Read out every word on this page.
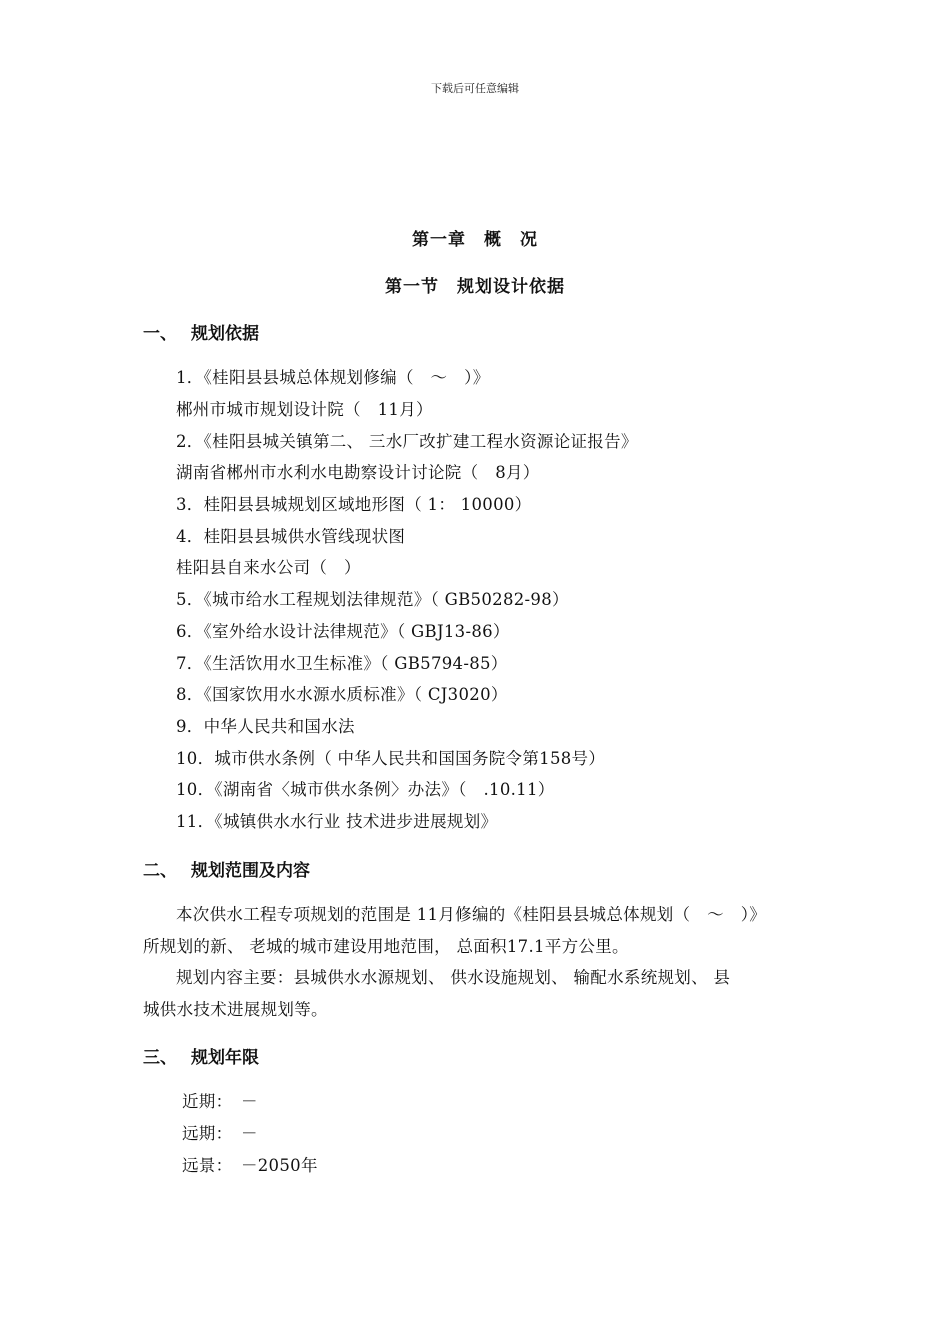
下载后可任意编辑
第一章　概　况
第一节　规划设计依据
一、 规划依据
1．《桂阳县县城总体规划修编（　～　）》
郴州市城市规划设计院（　11月）
2．《桂阳县城关镇第二、 三水厂改扩建工程水资源论证报告》
湖南省郴州市水利水电勘察设计讨论院（　8月）
3．桂阳县县城规划区域地形图（ 1： 10000）
4．桂阳县县城供水管线现状图
桂阳县自来水公司（　）
5．《城市给水工程规划法律规范》（ GB50282-98）
6．《室外给水设计法律规范》（ GBJ13-86）
7．《生活饮用水卫生标准》（ GB5794-85）
8．《国家饮用水水源水质标准》（ CJ3020）
9．中华人民共和国水法
10．城市供水条例（ 中华人民共和国国务院令第158号）
10．《湖南省〈城市供水条例〉办法》（　.10.11）
11．《城镇供水水行业 技术进步进展规划》
二、 规划范围及内容
本次供水工程专项规划的范围是 11月修编的《桂阳县县城总体规划（　～　）》
所规划的新、 老城的城市建设用地范围， 总面积17.1平方公里。
规划内容主要：县城供水水源规划、 供水设施规划、 输配水系统规划、 县
城供水技术进展规划等。
三、 规划年限
近期：　－
远期：　－
远景：　－2050年
